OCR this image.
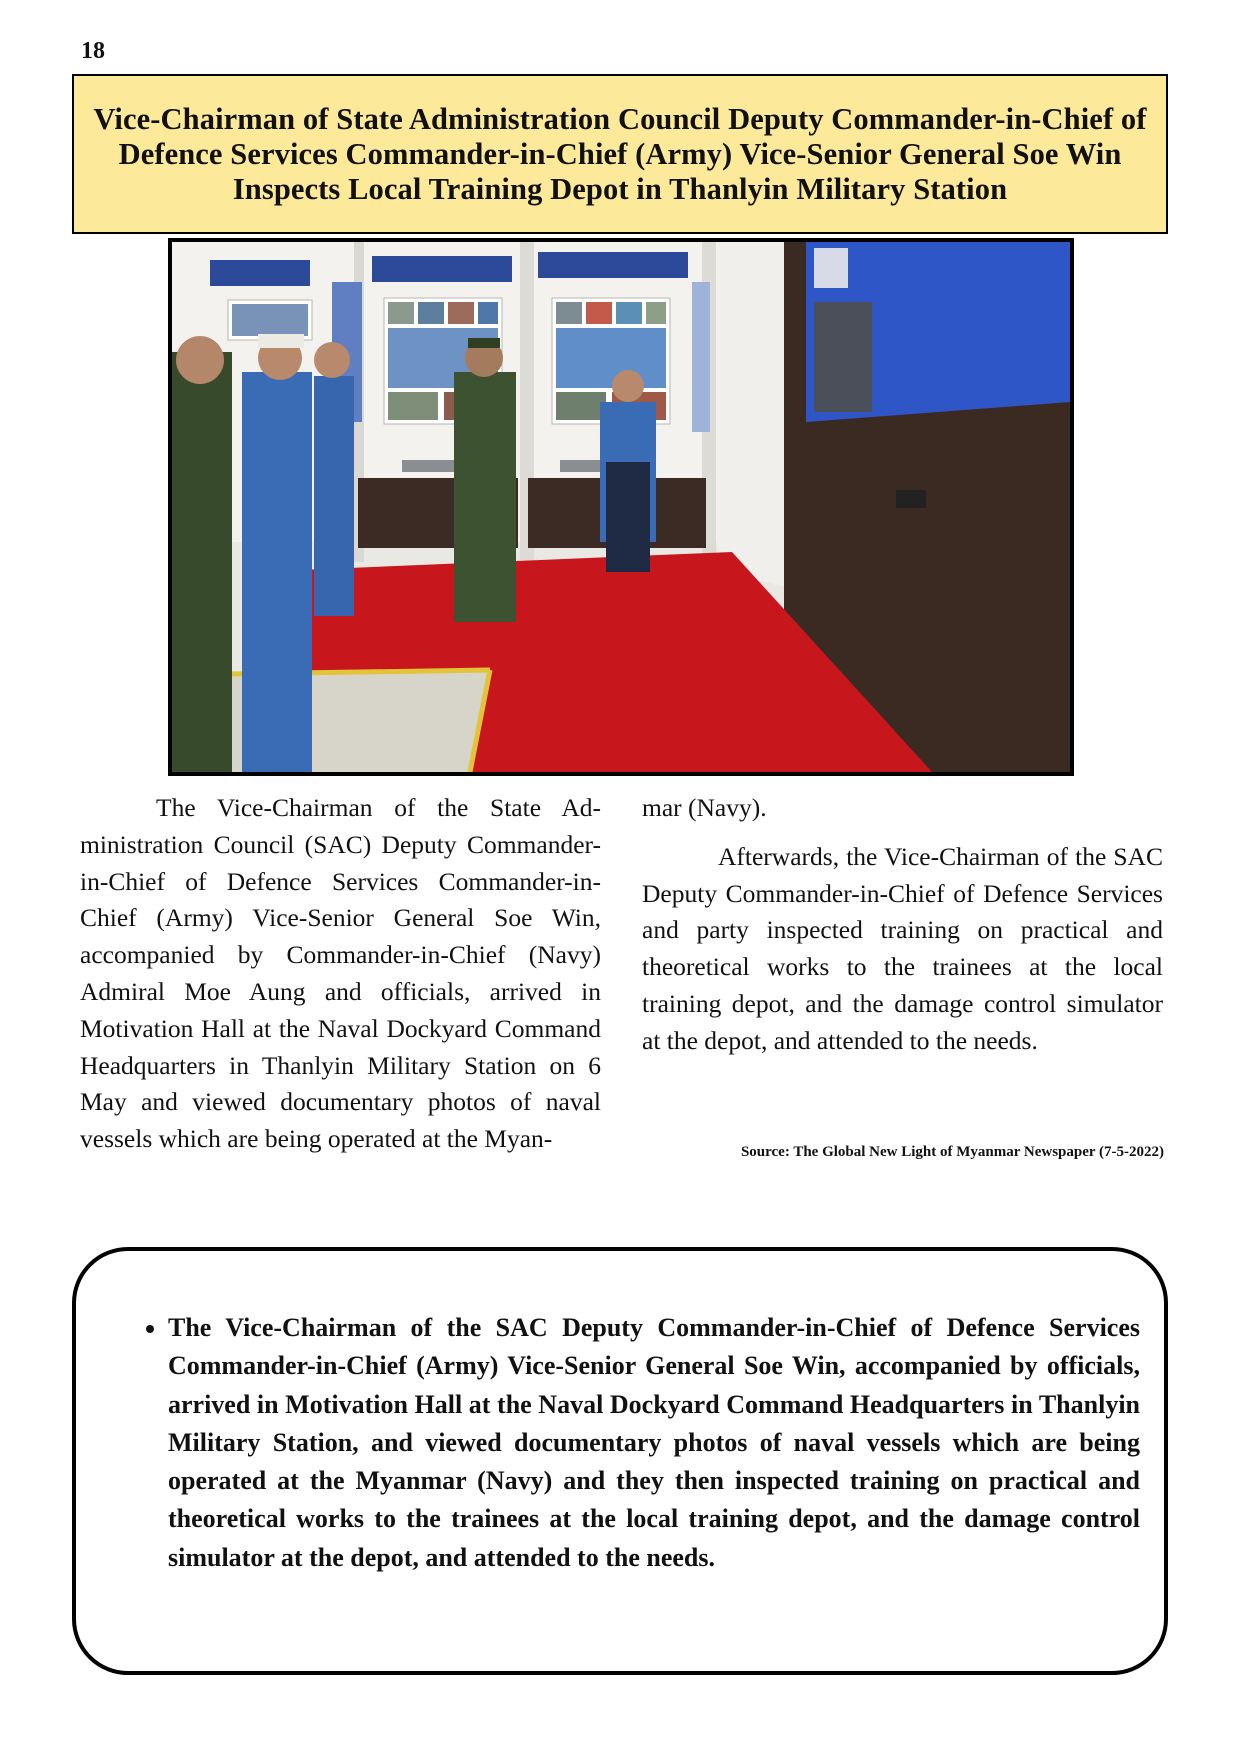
18
Vice-Chairman of State Administration Council Deputy Commander-in-Chief of Defence Services Commander-in-Chief (Army) Vice-Senior General Soe Win Inspects Local Training Depot in Thanlyin Military Station

The Vice-Chairman of the State Administration Council (SAC) Deputy Commander-in-Chief of Defence Services Commander-in-Chief (Army) Vice-Senior General Soe Win, accompanied by Commander-in-Chief (Navy) Admiral Moe Aung and officials, arrived in Motivation Hall at the Naval Dockyard Command Headquarters in Thanlyin Military Station on 6 May and viewed documentary photos of naval vessels which are being operated at the Myan-

mar (Navy).

Afterwards, the Vice-Chairman of the SAC Deputy Commander-in-Chief of Defence Services and party inspected training on practical and theoretical works to the trainees at the local training depot, and the damage control simulator at the depot, and attended to the needs.

Source: The Global New Light of Myanmar Newspaper (7-5-2022)
• The Vice-Chairman of the SAC Deputy Commander-in-Chief of Defence Services Commander-in-Chief (Army) Vice-Senior General Soe Win, accompanied by officials, arrived in Motivation Hall at the Naval Dockyard Command Headquarters in Thanlyin Military Station, and viewed documentary photos of naval vessels which are being operated at the Myanmar (Navy) and they then inspected training on practical and theoretical works to the trainees at the local training depot, and the damage control simulator at the depot, and attended to the needs.
